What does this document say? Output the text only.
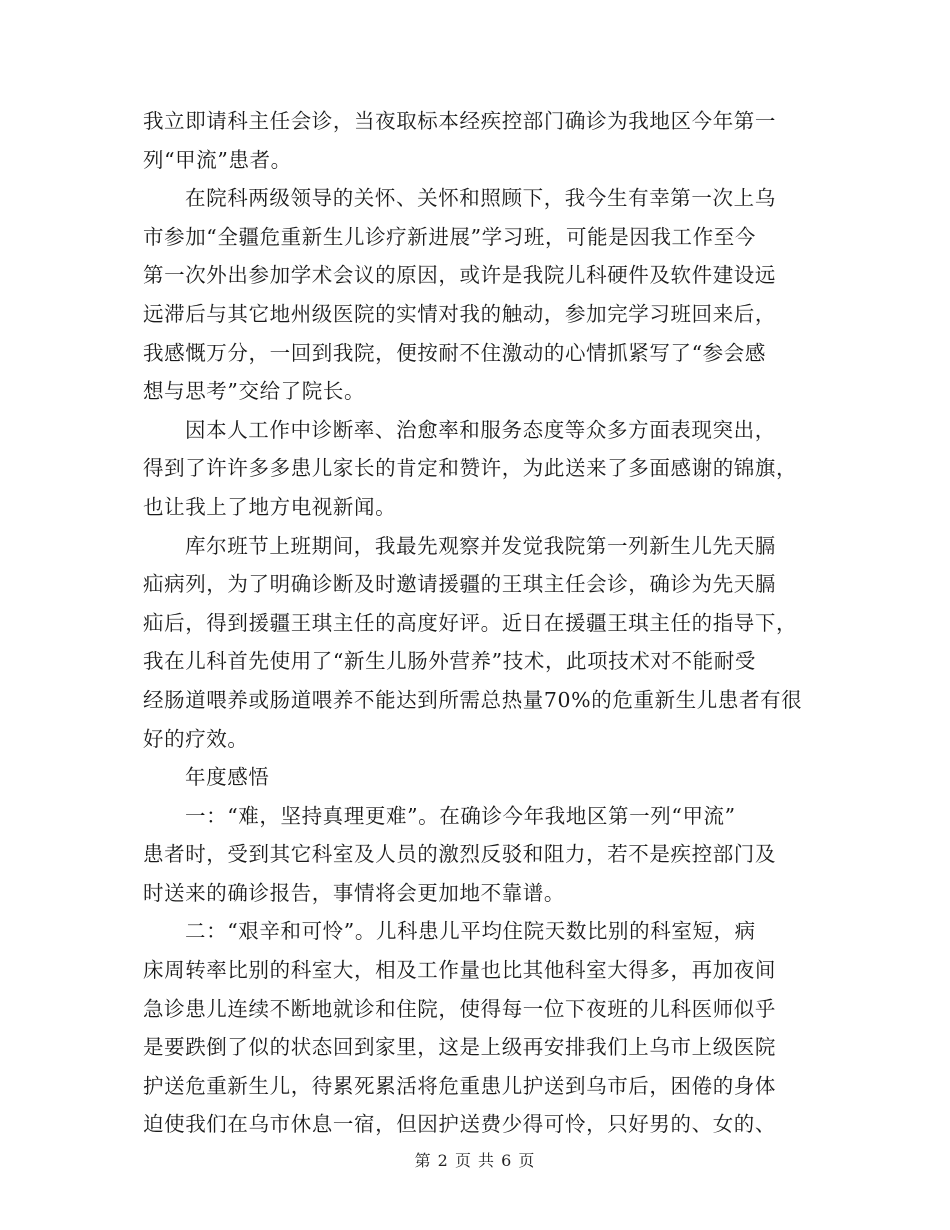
我立即请科主任会诊，当夜取标本经疾控部门确诊为我地区今年第一
列“甲流”患者。
在院科两级领导的关怀、关怀和照顾下，我今生有幸第一次上乌
市参加“全疆危重新生儿诊疗新进展”学习班，可能是因我工作至今
第一次外出参加学术会议的原因，或许是我院儿科硬件及软件建设远
远滞后与其它地州级医院的实情对我的触动，参加完学习班回来后，
我感慨万分，一回到我院，便按耐不住激动的心情抓紧写了“参会感
想与思考”交给了院长。
因本人工作中诊断率、治愈率和服务态度等众多方面表现突出，
得到了许许多多患儿家长的肯定和赞许，为此送来了多面感谢的锦旗，
也让我上了地方电视新闻。
库尔班节上班期间，我最先观察并发觉我院第一列新生儿先天膈
疝病列，为了明确诊断及时邀请援疆的王琪主任会诊，确诊为先天膈
疝后，得到援疆王琪主任的高度好评。近日在援疆王琪主任的指导下，
我在儿科首先使用了“新生儿肠外营养”技术，此项技术对不能耐受
经肠道喂养或肠道喂养不能达到所需总热量70%的危重新生儿患者有很
好的疗效。
年度感悟
一：“难，坚持真理更难”。在确诊今年我地区第一列“甲流”
患者时，受到其它科室及人员的激烈反驳和阻力，若不是疾控部门及
时送来的确诊报告，事情将会更加地不靠谱。
二：“艰辛和可怜”。儿科患儿平均住院天数比别的科室短，病
床周转率比别的科室大，相及工作量也比其他科室大得多，再加夜间
急诊患儿连续不断地就诊和住院，使得每一位下夜班的儿科医师似乎
是要跌倒了似的状态回到家里，这是上级再安排我们上乌市上级医院
护送危重新生儿，待累死累活将危重患儿护送到乌市后，困倦的身体
迫使我们在乌市休息一宿，但因护送费少得可怜，只好男的、女的、
第 2 页 共 6 页
